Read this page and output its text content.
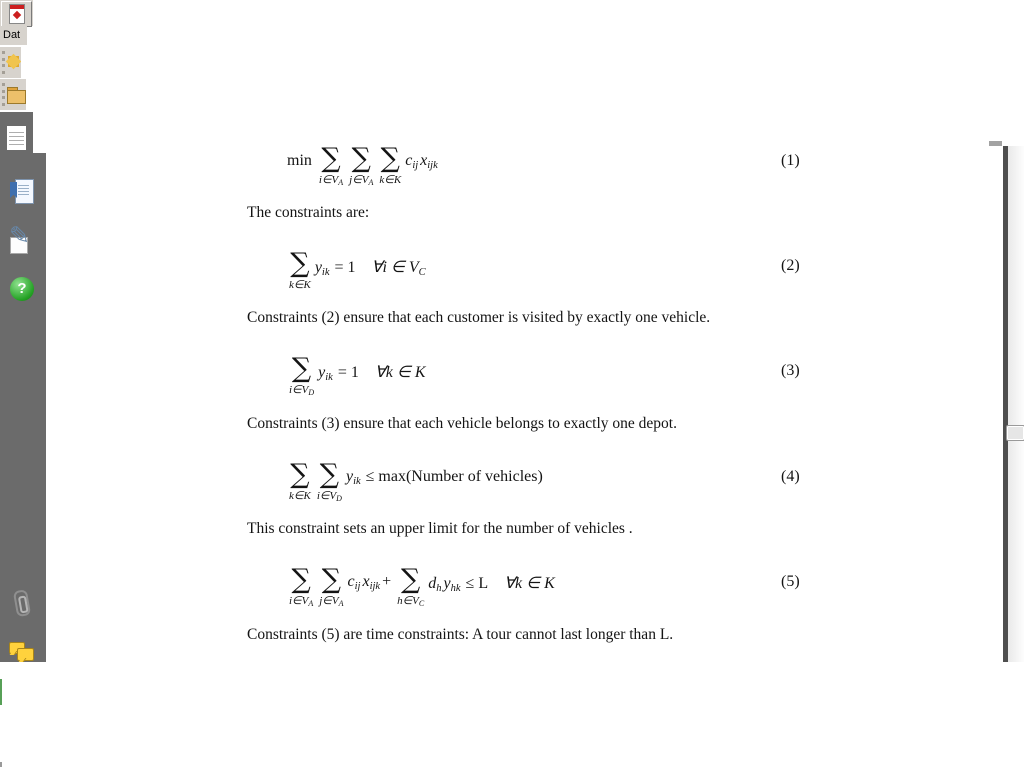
Dat
✎
?
min ∑
i∈VA
∑
j∈VA
∑
k∈K
cij xijk	(1)
The constraints are:
∑
k∈K
yik = 1 ∀i ∈ VC	(2)
Constraints (2) ensure that each customer is visited by exactly one vehicle.
∑
i∈VD
yik = 1 ∀k ∈ K	(3)
Constraints (3) ensure that each vehicle belongs to exactly one depot.
∑
k∈K
∑
i∈VD
yik ≤ max(Number of vehicles)	(4)
This constraint sets an upper limit for the number of vehicles .
∑
i∈VA
∑
j∈VA
cij xijk + ∑
h∈VC
dh yhk ≤ L ∀k ∈ K	(5)
Constraints (5) are time constraints: A tour cannot last longer than L.
